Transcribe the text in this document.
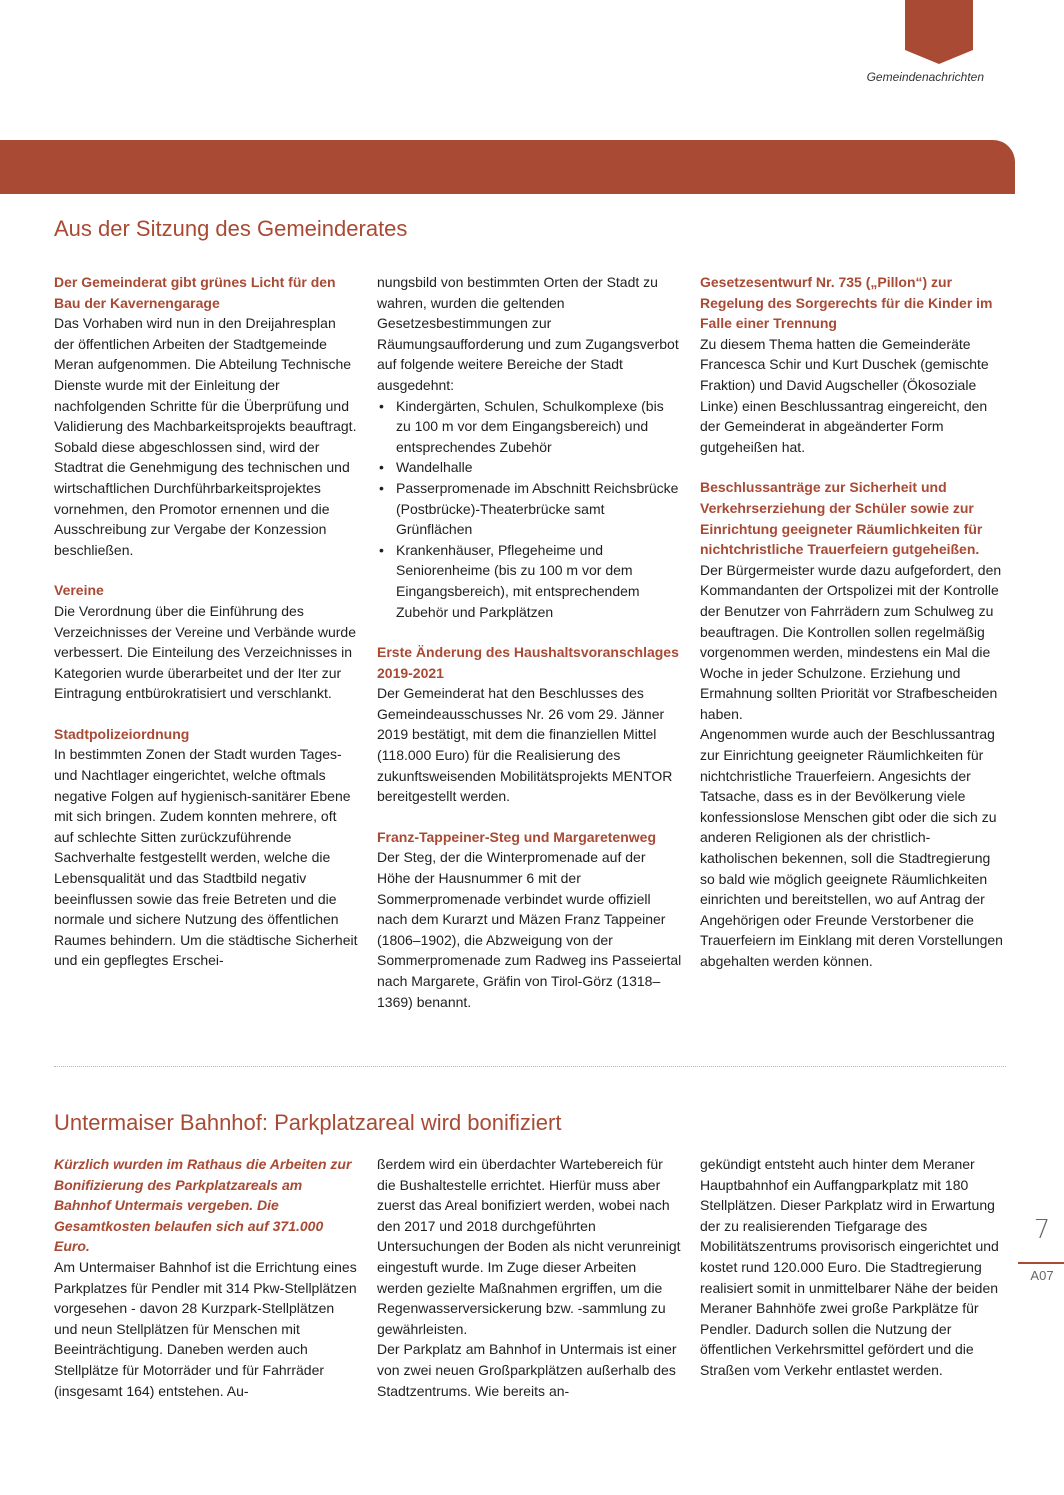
Gemeindenachrichten
Aus der Sitzung des Gemeinderates

Der Gemeinderat gibt grünes Licht für den Bau der Kavernengarage

Das Vorhaben wird nun in den Dreijahresplan der öffentlichen Arbeiten der Stadtgemeinde Meran aufgenommen. Die Abteilung Technische Dienste wurde mit der Einleitung der nachfolgenden Schritte für die Überprüfung und Validierung des Machbarkeitsprojekts beauftragt. Sobald diese abgeschlossen sind, wird der Stadtrat die Genehmigung des technischen und wirtschaftlichen Durchführbarkeitsprojektes vornehmen, den Promotor ernennen und die Ausschreibung zur Vergabe der Konzession beschließen.

Vereine

Die Verordnung über die Einführung des Verzeichnisses der Vereine und Verbände wurde verbessert. Die Einteilung des Verzeichnisses in Kategorien wurde überarbeitet und der Iter zur Eintragung entbürokratisiert und verschlankt.

Stadtpolizeiordnung

In bestimmten Zonen der Stadt wurden Tages- und Nachtlager eingerichtet, welche oftmals negative Folgen auf hygienisch-sanitärer Ebene mit sich bringen. Zudem konnten mehrere, oft auf schlechte Sitten zurückzuführende Sachverhalte festgestellt werden, welche die Lebensqualität und das Stadtbild negativ beeinflussen sowie das freie Betreten und die normale und sichere Nutzung des öffentlichen Raumes behindern. Um die städtische Sicherheit und ein gepflegtes Erschei-

nungsbild von bestimmten Orten der Stadt zu wahren, wurden die geltenden Gesetzesbestimmungen zur Räumungsaufforderung und zum Zugangsverbot auf folgende weitere Bereiche der Stadt ausgedehnt:

• Kindergärten, Schulen, Schulkomplexe (bis zu 100 m vor dem Eingangsbereich) und entsprechendes Zubehör
• Wandelhalle
• Passerpromenade im Abschnitt Reichsbrücke (Postbrücke)-Theaterbrücke samt Grünflächen
• Krankenhäuser, Pflegeheime und Seniorenheime (bis zu 100 m vor dem Eingangsbereich), mit entsprechendem Zubehör und Parkplätzen

Erste Änderung des Haushaltsvoranschlages 2019-2021

Der Gemeinderat hat den Beschlusses des Gemeindeausschusses Nr. 26 vom 29. Jänner 2019 bestätigt, mit dem die finanziellen Mittel (118.000 Euro) für die Realisierung des zukunftsweisenden Mobilitätsprojekts MENTOR bereitgestellt werden.

Franz-Tappeiner-Steg und Margaretenweg

Der Steg, der die Winterpromenade auf der Höhe der Hausnummer 6 mit der Sommerpromenade verbindet wurde offiziell nach dem Kurarzt und Mäzen Franz Tappeiner (1806–1902), die Abzweigung von der Sommerpromenade zum Radweg ins Passeiertal nach Margarete, Gräfin von Tirol-Görz (1318–1369) benannt.

Gesetzesentwurf Nr. 735 („Pillon“) zur Regelung des Sorgerechts für die Kinder im Falle einer Trennung

Zu diesem Thema hatten die Gemeinderäte Francesca Schir und Kurt Duschek (gemischte Fraktion) und David Augscheller (Ökosoziale Linke) einen Beschlussantrag eingereicht, den der Gemeinderat in abgeänderter Form gutgeheißen hat.

Beschlussanträge zur Sicherheit und Verkehrserziehung der Schüler sowie zur Einrichtung geeigneter Räumlichkeiten für nichtchristliche Trauerfeiern gutgeheißen.

Der Bürgermeister wurde dazu aufgefordert, den Kommandanten der Ortspolizei mit der Kontrolle der Benutzer von Fahrrädern zum Schulweg zu beauftragen. Die Kontrollen sollen regelmäßig vorgenommen werden, mindestens ein Mal die Woche in jeder Schulzone. Erziehung und Ermahnung sollten Priorität vor Strafbescheiden haben.

Angenommen wurde auch der Beschlussantrag zur Einrichtung geeigneter Räumlichkeiten für nichtchristliche Trauerfeiern. Angesichts der Tatsache, dass es in der Bevölkerung viele konfessionslose Menschen gibt oder die sich zu anderen Religionen als der christlich-katholischen bekennen, soll die Stadtregierung so bald wie möglich geeignete Räumlichkeiten einrichten und bereitstellen, wo auf Antrag der Angehörigen oder Freunde Verstorbener die Trauerfeiern im Einklang mit deren Vorstellungen abgehalten werden können.

Untermaiser Bahnhof: Parkplatzareal wird bonifiziert

Kürzlich wurden im Rathaus die Arbeiten zur Bonifizierung des Parkplatzareals am Bahnhof Untermais vergeben. Die Gesamtkosten belaufen sich auf 371.000 Euro.

Am Untermaiser Bahnhof ist die Errichtung eines Parkplatzes für Pendler mit 314 Pkw-Stellplätzen vorgesehen - davon 28 Kurzpark-Stellplätzen und neun Stellplätzen für Menschen mit Beeinträchtigung. Daneben werden auch Stellplätze für Motorräder und für Fahrräder (insgesamt 164) entstehen. Au-

ßerdem wird ein überdachter Wartebereich für die Bushaltestelle errichtet. Hierfür muss aber zuerst das Areal bonifiziert werden, wobei nach den 2017 und 2018 durchgeführten Untersuchungen der Boden als nicht verunreinigt eingestuft wurde. Im Zuge dieser Arbeiten werden gezielte Maßnahmen ergriffen, um die Regenwasserversickerung bzw. -sammlung zu gewährleisten.

Der Parkplatz am Bahnhof in Untermais ist einer von zwei neuen Großparkplätzen außerhalb des Stadtzentrums. Wie bereits an-

gekündigt entsteht auch hinter dem Meraner Hauptbahnhof ein Auffangparkplatz mit 180 Stellplätzen. Dieser Parkplatz wird in Erwartung der zu realisierenden Tiefgarage des Mobilitätszentrums provisorisch eingerichtet und kostet rund 120.000 Euro. Die Stadtregierung realisiert somit in unmittelbarer Nähe der beiden Meraner Bahnhöfe zwei große Parkplätze für Pendler. Dadurch sollen die Nutzung der öffentlichen Verkehrsmittel gefördert und die Straßen vom Verkehr entlastet werden.

7
A07
